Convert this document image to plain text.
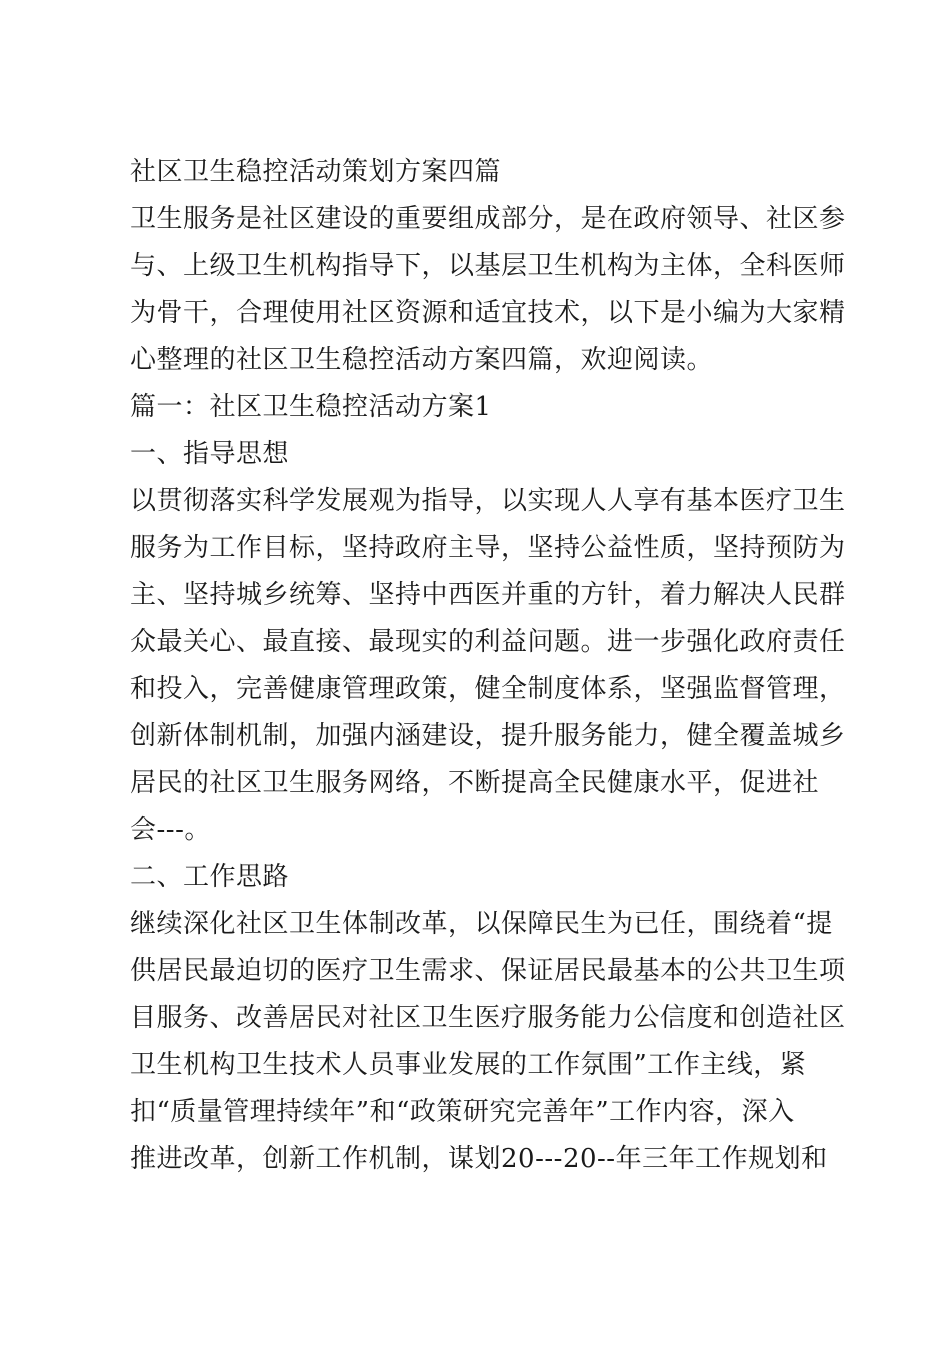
社区卫生稳控活动策划方案四篇
卫生服务是社区建设的重要组成部分，是在政府领导、社区参
与、上级卫生机构指导下，以基层卫生机构为主体，全科医师
为骨干，合理使用社区资源和适宜技术，以下是小编为大家精
心整理的社区卫生稳控活动方案四篇，欢迎阅读。
篇一：社区卫生稳控活动方案1
一、指导思想
以贯彻落实科学发展观为指导，以实现人人享有基本医疗卫生
服务为工作目标，坚持政府主导，坚持公益性质，坚持预防为
主、坚持城乡统筹、坚持中西医并重的方针，着力解决人民群
众最关心、最直接、最现实的利益问题。进一步强化政府责任
和投入，完善健康管理政策，健全制度体系，坚强监督管理，
创新体制机制，加强内涵建设，提升服务能力，健全覆盖城乡
居民的社区卫生服务网络，不断提高全民健康水平，促进社
会---。
二、工作思路
继续深化社区卫生体制改革，以保障民生为已任，围绕着“提
供居民最迫切的医疗卫生需求、保证居民最基本的公共卫生项
目服务、改善居民对社区卫生医疗服务能力公信度和创造社区
卫生机构卫生技术人员事业发展的工作氛围”工作主线，紧
扣“质量管理持续年”和“政策研究完善年”工作内容，深入
推进改革，创新工作机制，谋划20---20--年三年工作规划和
